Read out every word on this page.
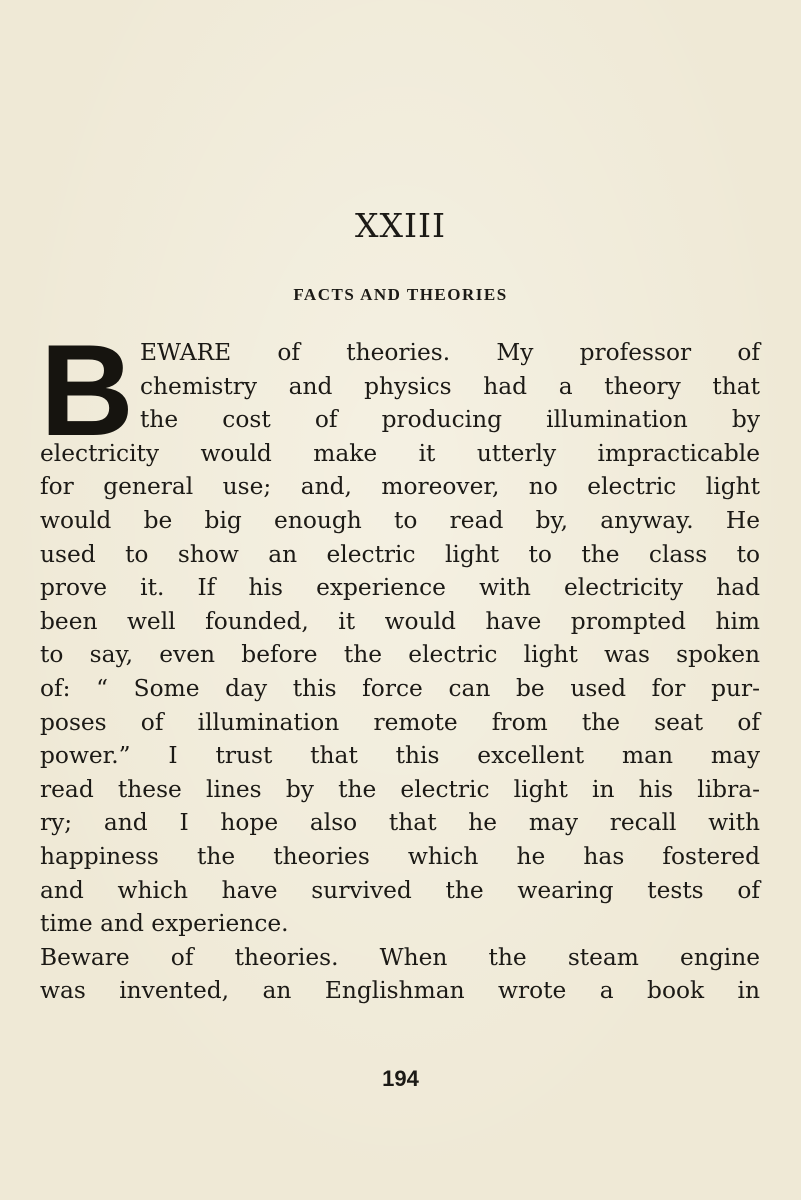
XXIII
FACTS AND THEORIES
B EWARE of theories. My professor of
chemistry and physics had a theory that
the cost of producing illumination by
electricity would make it utterly impracticable
for general use; and, moreover, no electric light
would be big enough to read by, anyway. He
used to show an electric light to the class to
prove it. If his experience with electricity had
been well founded, it would have prompted him
to say, even before the electric light was spoken
of: “ Some day this force can be used for pur-
poses of illumination remote from the seat of
power.” I trust that this excellent man may
read these lines by the electric light in his libra-
ry; and I hope also that he may recall with
happiness the theories which he has fostered
and which have survived the wearing tests of
time and experience.
Beware of theories. When the steam engine
was invented, an Englishman wrote a book in
194
